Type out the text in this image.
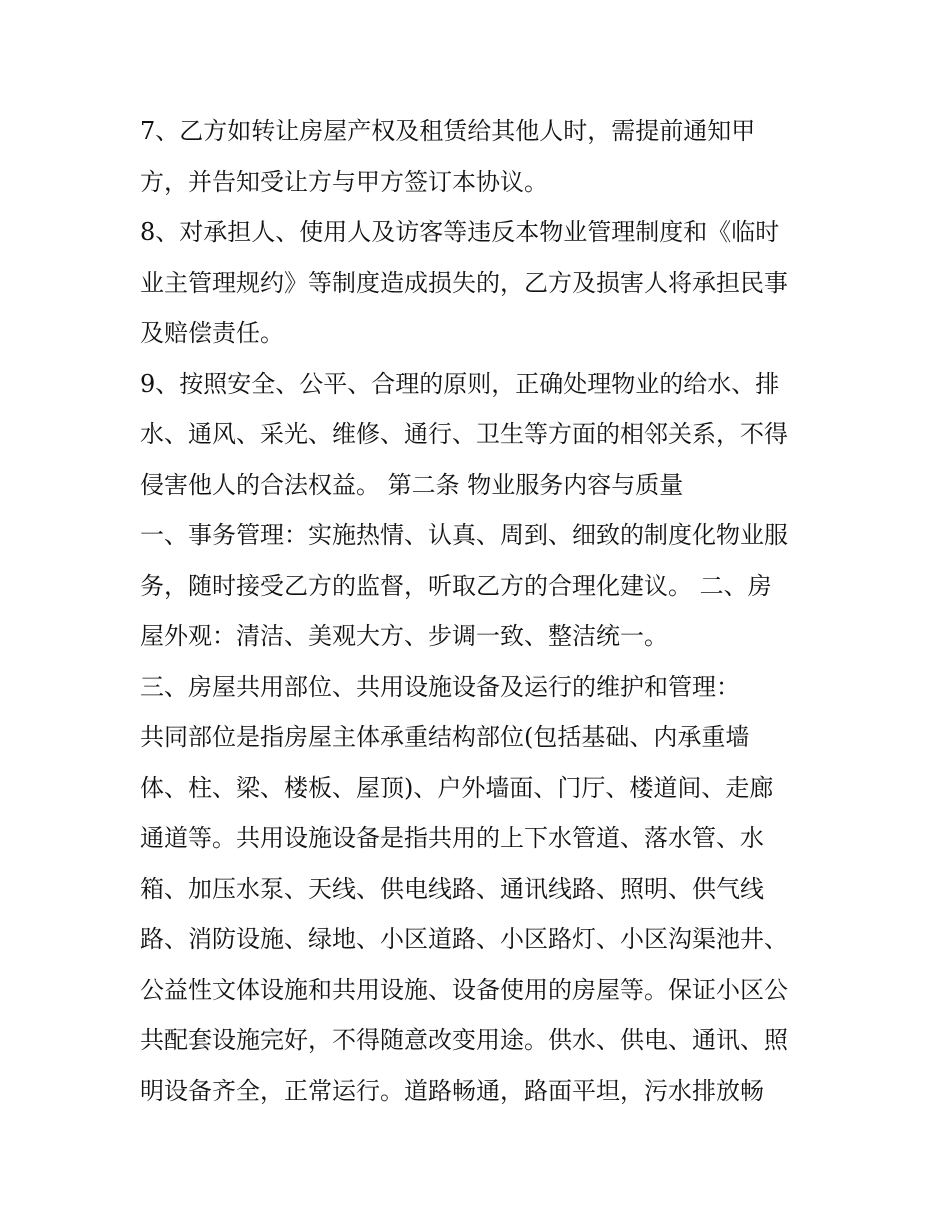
7、乙方如转让房屋产权及租赁给其他人时，需提前通知甲
方，并告知受让方与甲方签订本协议。
8、对承担人、使用人及访客等违反本物业管理制度和《临时
业主管理规约》等制度造成损失的，乙方及损害人将承担民事
及赔偿责任。
9、按照安全、公平、合理的原则，正确处理物业的给水、排
水、通风、采光、维修、通行、卫生等方面的相邻关系，不得
侵害他人的合法权益。 第二条 物业服务内容与质量
一、事务管理：实施热情、认真、周到、细致的制度化物业服
务，随时接受乙方的监督，听取乙方的合理化建议。 二、房
屋外观：清洁、美观大方、步调一致、整洁统一。
三、房屋共用部位、共用设施设备及运行的维护和管理：
共同部位是指房屋主体承重结构部位(包括基础、内承重墙
体、柱、梁、楼板、屋顶)、户外墙面、门厅、楼道间、走廊
通道等。共用设施设备是指共用的上下水管道、落水管、水
箱、加压水泵、天线、供电线路、通讯线路、照明、供气线
路、消防设施、绿地、小区道路、小区路灯、小区沟渠池井、
公益性文体设施和共用设施、设备使用的房屋等。保证小区公
共配套设施完好，不得随意改变用途。供水、供电、通讯、照
明设备齐全，正常运行。道路畅通，路面平坦，污水排放畅
